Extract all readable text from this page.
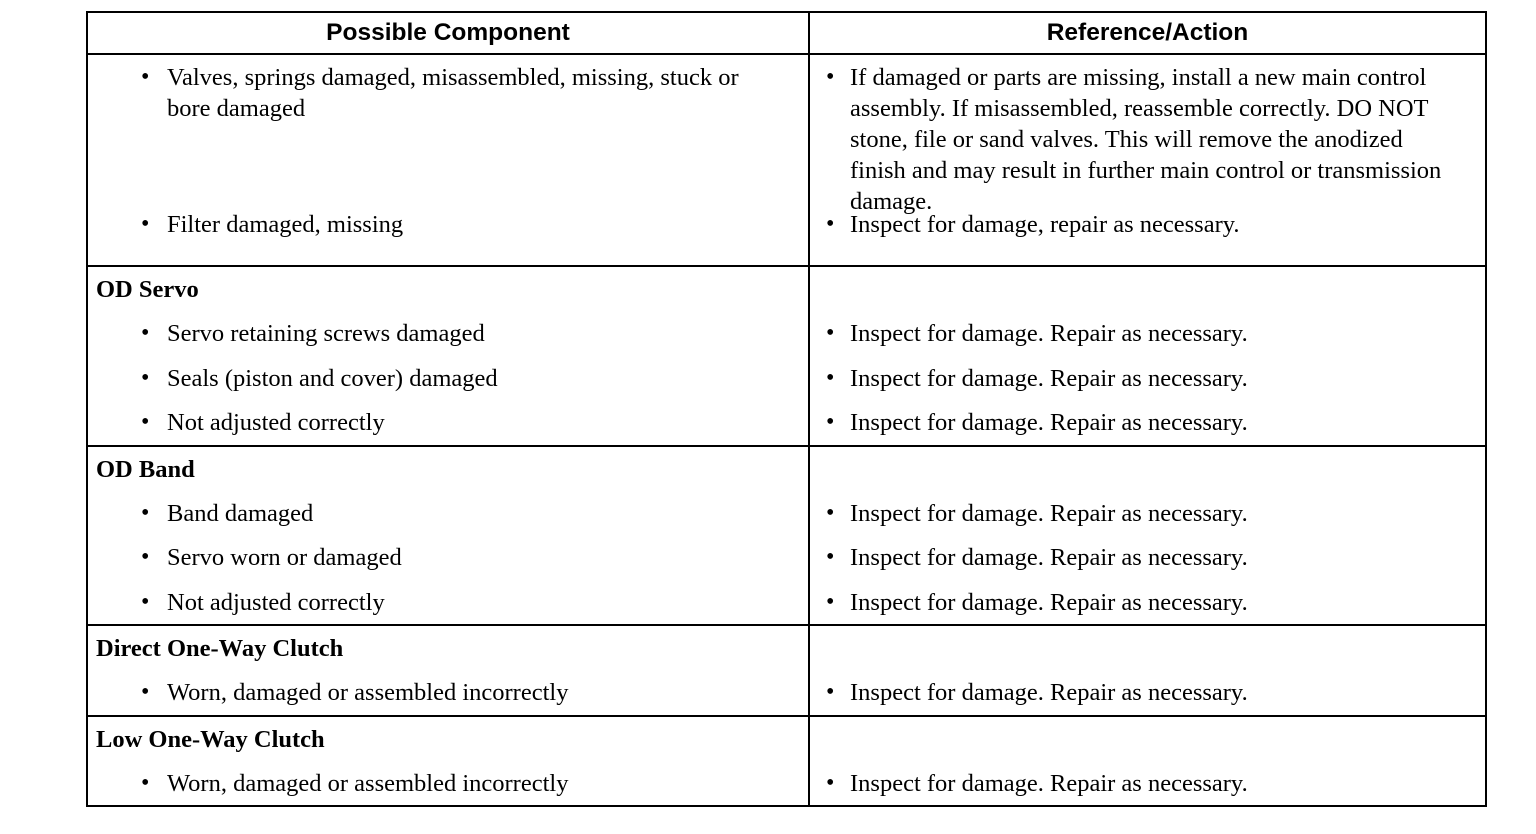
Possible Component	Reference/Action

• Valves, springs damaged, misassembled, missing, stuck or bore damaged	• If damaged or parts are missing, install a new main control assembly. If misassembled, reassemble correctly. DO NOT stone, file or sand valves. This will remove the anodized finish and may result in further main control or transmission damage.

• Filter damaged, missing	• Inspect for damage, repair as necessary.

OD Servo	

• Servo retaining screws damaged	• Inspect for damage. Repair as necessary.

• Seals (piston and cover) damaged	• Inspect for damage. Repair as necessary.

• Not adjusted correctly	• Inspect for damage. Repair as necessary.

OD Band	

• Band damaged	• Inspect for damage. Repair as necessary.

• Servo worn or damaged	• Inspect for damage. Repair as necessary.

• Not adjusted correctly	• Inspect for damage. Repair as necessary.

Direct One-Way Clutch	

• Worn, damaged or assembled incorrectly	• Inspect for damage. Repair as necessary.

Low One-Way Clutch	

• Worn, damaged or assembled incorrectly	• Inspect for damage. Repair as necessary.
